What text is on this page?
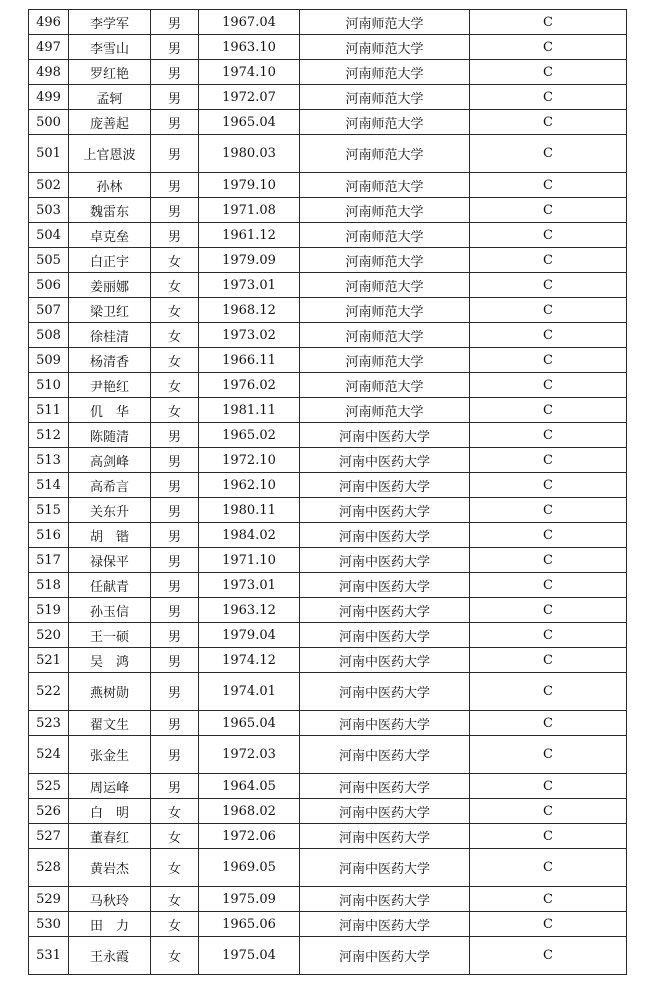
496	李学军	男	1967.04	河南师范大学	C
497	李雪山	男	1963.10	河南师范大学	C
498	罗红艳	男	1974.10	河南师范大学	C
499	孟轲	男	1972.07	河南师范大学	C
500	庞善起	男	1965.04	河南师范大学	C
501	上官恩波	男	1980.03	河南师范大学	C
502	孙林	男	1979.10	河南师范大学	C
503	魏雷东	男	1971.08	河南师范大学	C
504	卓克垒	男	1961.12	河南师范大学	C
505	白正宇	女	1979.09	河南师范大学	C
506	姜丽娜	女	1973.01	河南师范大学	C
507	梁卫红	女	1968.12	河南师范大学	C
508	徐桂清	女	1973.02	河南师范大学	C
509	杨清香	女	1966.11	河南师范大学	C
510	尹艳红	女	1976.02	河南师范大学	C
511	仉　华	女	1981.11	河南师范大学	C
512	陈随清	男	1965.02	河南中医药大学	C
513	高剑峰	男	1972.10	河南中医药大学	C
514	高希言	男	1962.10	河南中医药大学	C
515	关东升	男	1980.11	河南中医药大学	C
516	胡　锴	男	1984.02	河南中医药大学	C
517	禄保平	男	1971.10	河南中医药大学	C
518	任献青	男	1973.01	河南中医药大学	C
519	孙玉信	男	1963.12	河南中医药大学	C
520	王一硕	男	1979.04	河南中医药大学	C
521	吴　鸿	男	1974.12	河南中医药大学	C
522	燕树勋	男	1974.01	河南中医药大学	C
523	翟文生	男	1965.04	河南中医药大学	C
524	张金生	男	1972.03	河南中医药大学	C
525	周运峰	男	1964.05	河南中医药大学	C
526	白　明	女	1968.02	河南中医药大学	C
527	董春红	女	1972.06	河南中医药大学	C
528	黄岩杰	女	1969.05	河南中医药大学	C
529	马秋玲	女	1975.09	河南中医药大学	C
530	田　力	女	1965.06	河南中医药大学	C
531	王永霞	女	1975.04	河南中医药大学	C
